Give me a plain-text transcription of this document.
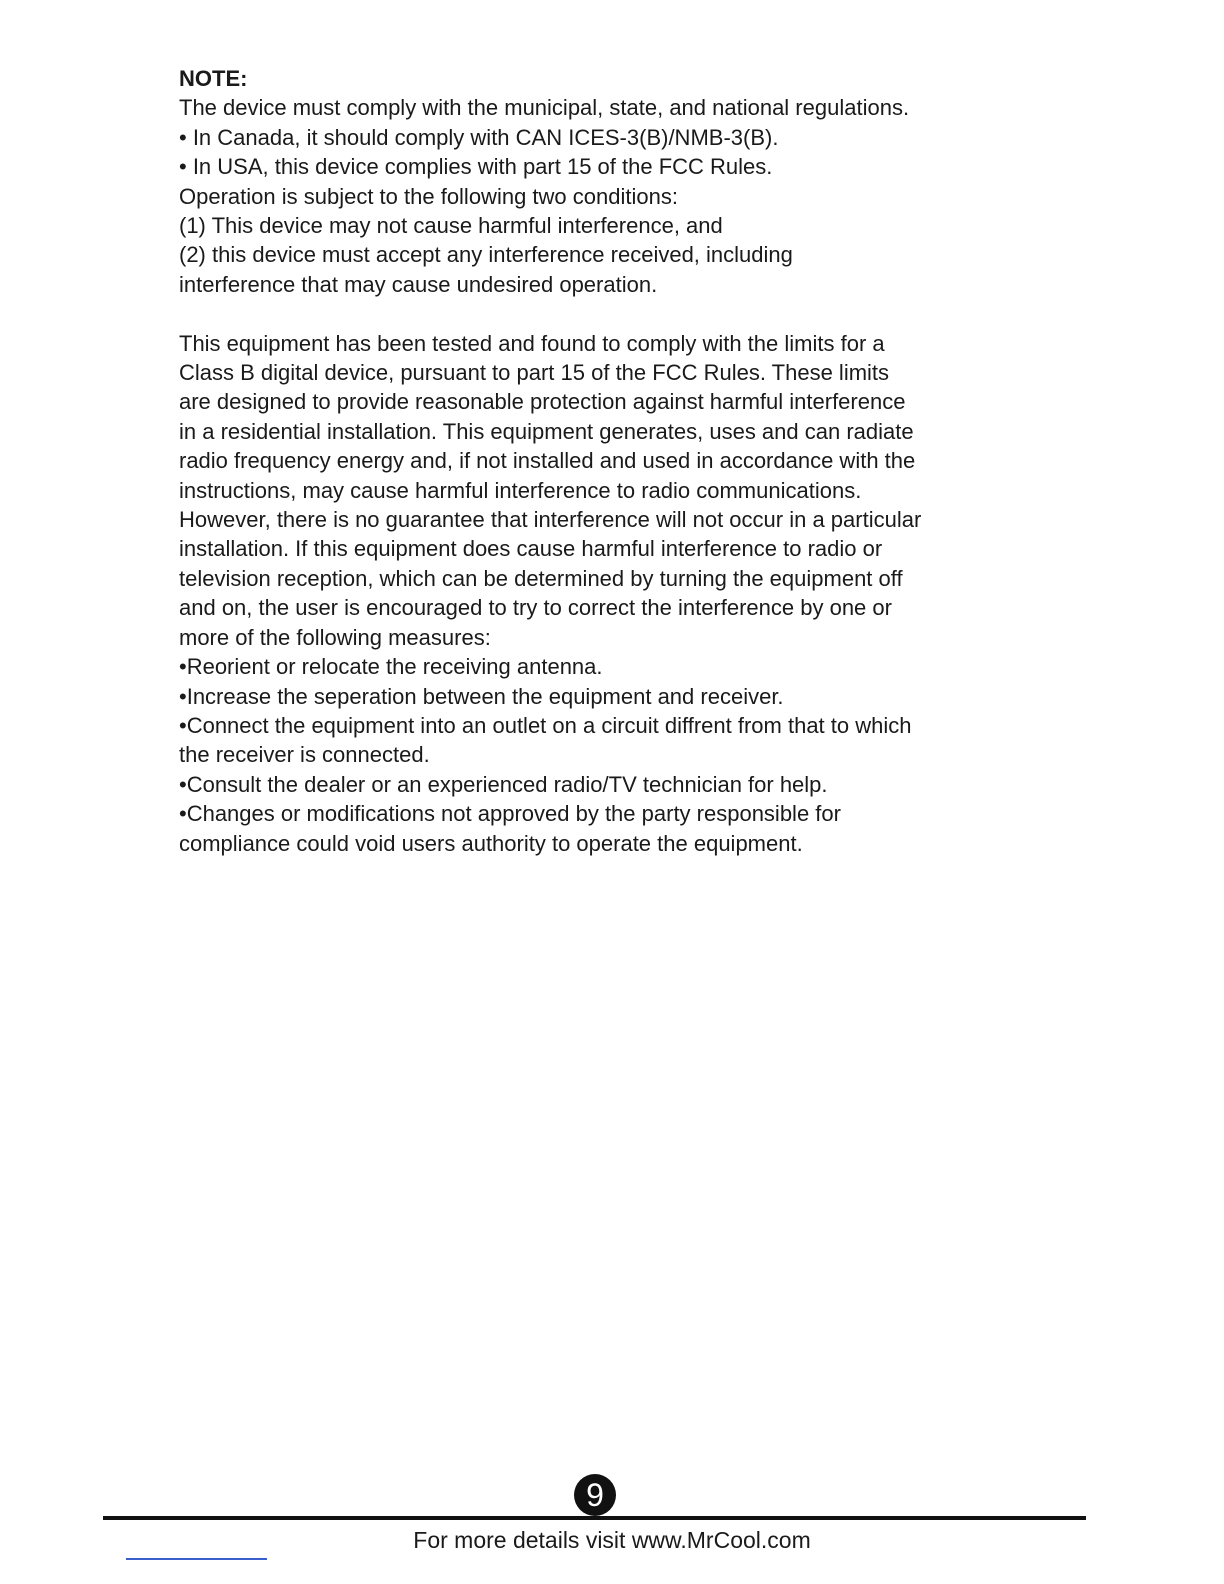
NOTE:

The device must comply with the municipal, state, and national regulations.
• In Canada, it should comply with CAN ICES-3(B)/NMB-3(B).
• In USA, this device complies with part 15 of the FCC Rules.
Operation is subject to the following two conditions:
(1) This device may not cause harmful interference, and
(2) this device must accept any interference received, including
interference that may cause undesired operation.
This equipment has been tested and found to comply with the limits for a
Class B digital device, pursuant to part 15 of the FCC Rules. These limits
are designed to provide reasonable protection against harmful interference
in a residential installation. This equipment generates, uses and can radiate
radio frequency energy and, if not installed and used in accordance with the
instructions, may cause harmful interference to radio communications.
However, there is no guarantee that interference will not occur in a particular
installation. If this equipment does cause harmful interference to radio or
television reception, which can be determined by turning the equipment off
and on, the user is encouraged to try to correct the interference by one or
more of the following measures:
•Reorient or relocate the receiving antenna.
•Increase the seperation between the equipment and receiver.
•Connect the equipment into an outlet on a circuit diffrent from that to which
the receiver is connected.
•Consult the dealer or an experienced radio/TV technician for help.
•Changes or modifications not approved by the party responsible for
compliance could void users authority to operate the equipment.
9
For more details visit www.MrCool.com
